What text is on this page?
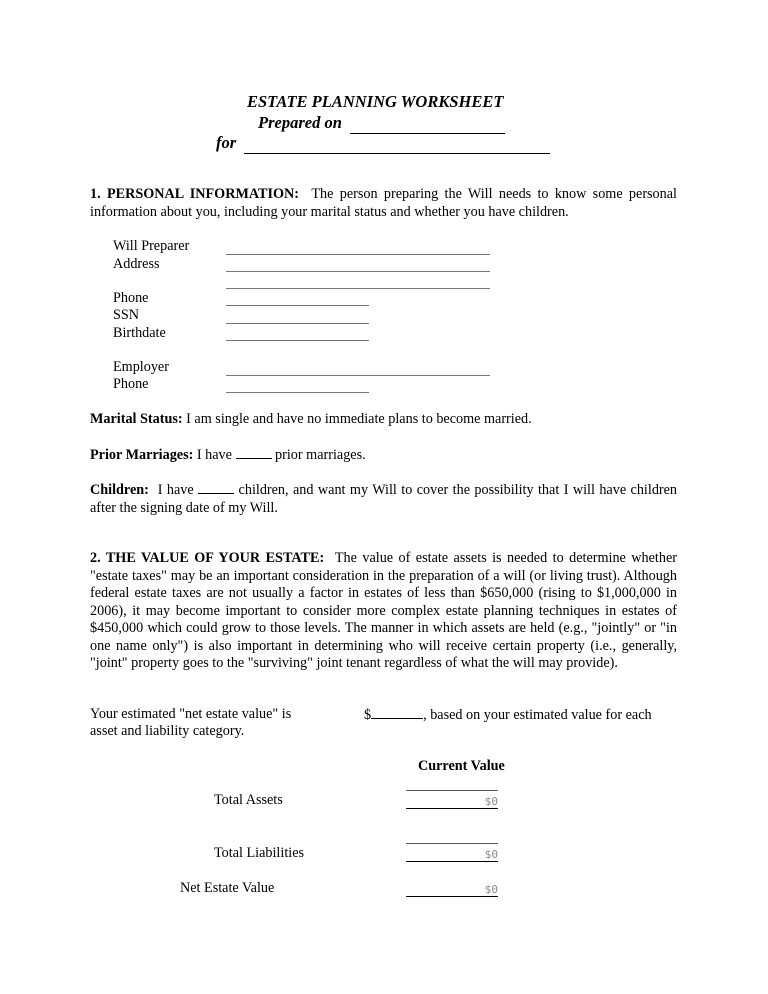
ESTATE PLANNING WORKSHEET
Prepared on
for
1. PERSONAL INFORMATION: The person preparing the Will needs to know some personal information about you, including your marital status and whether you have children.
Will Preparer
Address
Phone
SSN
Birthdate
Employer
Phone
Marital Status: I am single and have no immediate plans to become married.
Prior Marriages: I have	prior marriages.
Children: I have	children, and want my Will to cover the possibility that I will have children after the signing date of my Will.
2. THE VALUE OF YOUR ESTATE: The value of estate assets is needed to determine whether "estate taxes" may be an important consideration in the preparation of a will (or living trust). Although federal estate taxes are not usually a factor in estates of less than $650,000 (rising to $1,000,000 in 2006), it may become important to consider more complex estate planning techniques in estates of $450,000 which could grow to those levels. The manner in which assets are held (e.g., "jointly" or "in one name only") is also important in determining who will receive certain property (i.e., generally, "joint" property goes to the "surviving" joint tenant regardless of what the will may provide).
Your estimated "net estate value" is	$	, based on your estimated value for each
asset and liability category.
Current Value
Total Assets	$0
Total Liabilities	$0
Net Estate Value	$0
